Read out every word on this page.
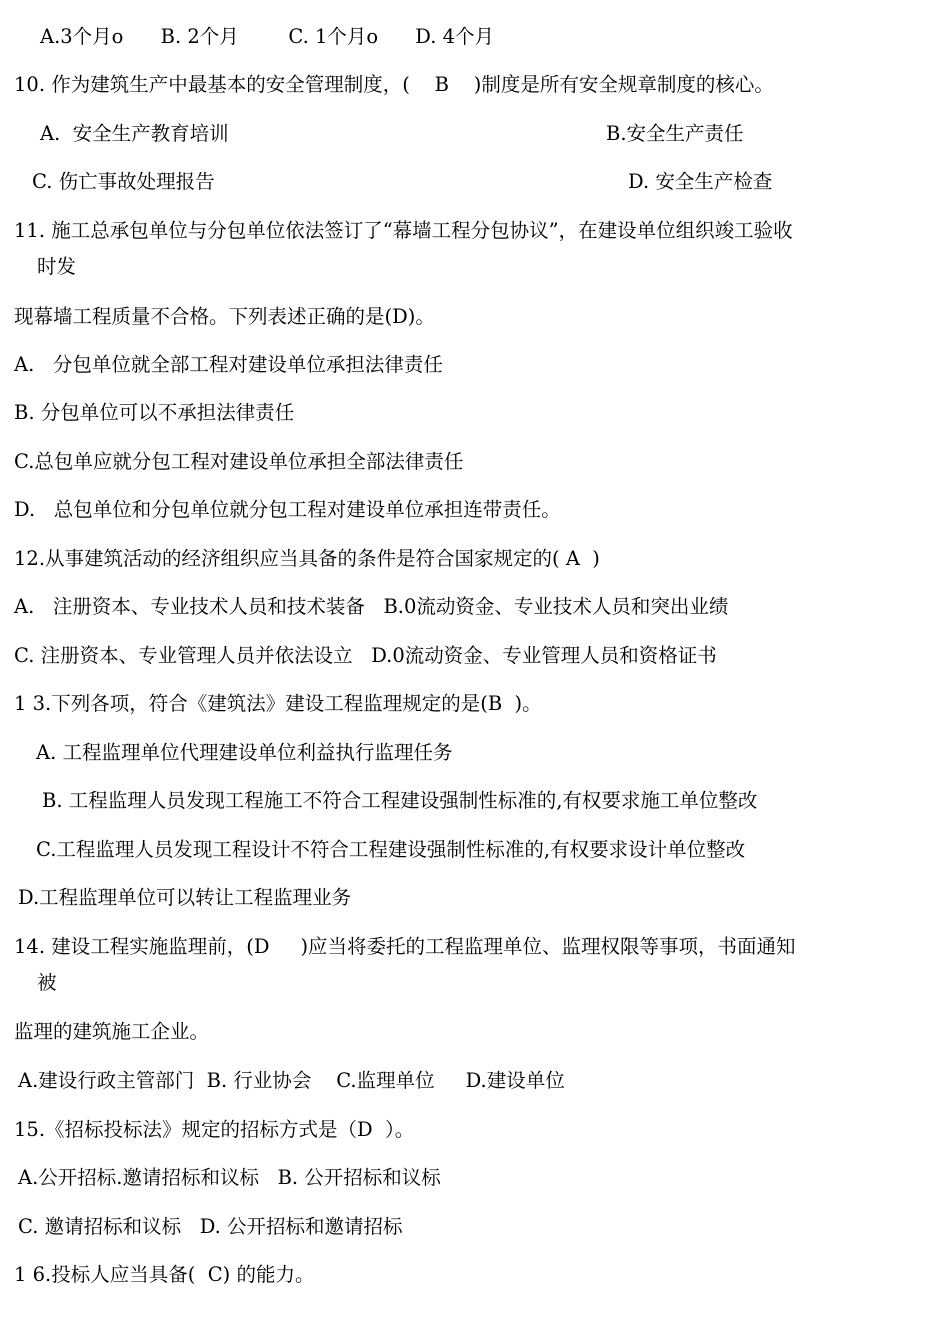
A.3个月o      B. 2个月        C. 1个月o      D. 4个月
10. 作为建筑生产中最基本的安全管理制度，(    B    )制度是所有安全规章制度的核心。
A.  安全生产教育培训	B.安全生产责任
C. 伤亡事故处理报告	D. 安全生产检查
11. 施工总承包单位与分包单位依法签订了“幕墙工程分包协议”，在建设单位组织竣工验收
时发
现幕墙工程质量不合格。下列表述正确的是(D)。
A.   分包单位就全部工程对建设单位承担法律责任
B. 分包单位可以不承担法律责任
C.总包单应就分包工程对建设单位承担全部法律责任
D.   总包单位和分包单位就分包工程对建设单位承担连带责任。
12.从事建筑活动的经济组织应当具备的条件是符合国家规定的( A  )
A.   注册资本、专业技术人员和技术装备   B.0流动资金、专业技术人员和突出业绩
C. 注册资本、专业管理人员并依法设立   D.0流动资金、专业管理人员和资格证书
1 3.下列各项，符合《建筑法》建设工程监理规定的是(B  )。
A. 工程监理单位代理建设单位利益执行监理任务
B. 工程监理人员发现工程施工不符合工程建设强制性标准的,有权要求施工单位整改
C.工程监理人员发现工程设计不符合工程建设强制性标准的,有权要求设计单位整改
D.工程监理单位可以转让工程监理业务
14. 建设工程实施监理前，(D     )应当将委托的工程监理单位、监理权限等事项，书面通知
被
监理的建筑施工企业。
A.建设行政主管部门  B. 行业协会    C.监理单位     D.建设单位
15.《招标投标法》规定的招标方式是（D  ）。
A.公开招标.邀请招标和议标   B. 公开招标和议标
C. 邀请招标和议标   D. 公开招标和邀请招标
1 6.投标人应当具备(  C) 的能力。
